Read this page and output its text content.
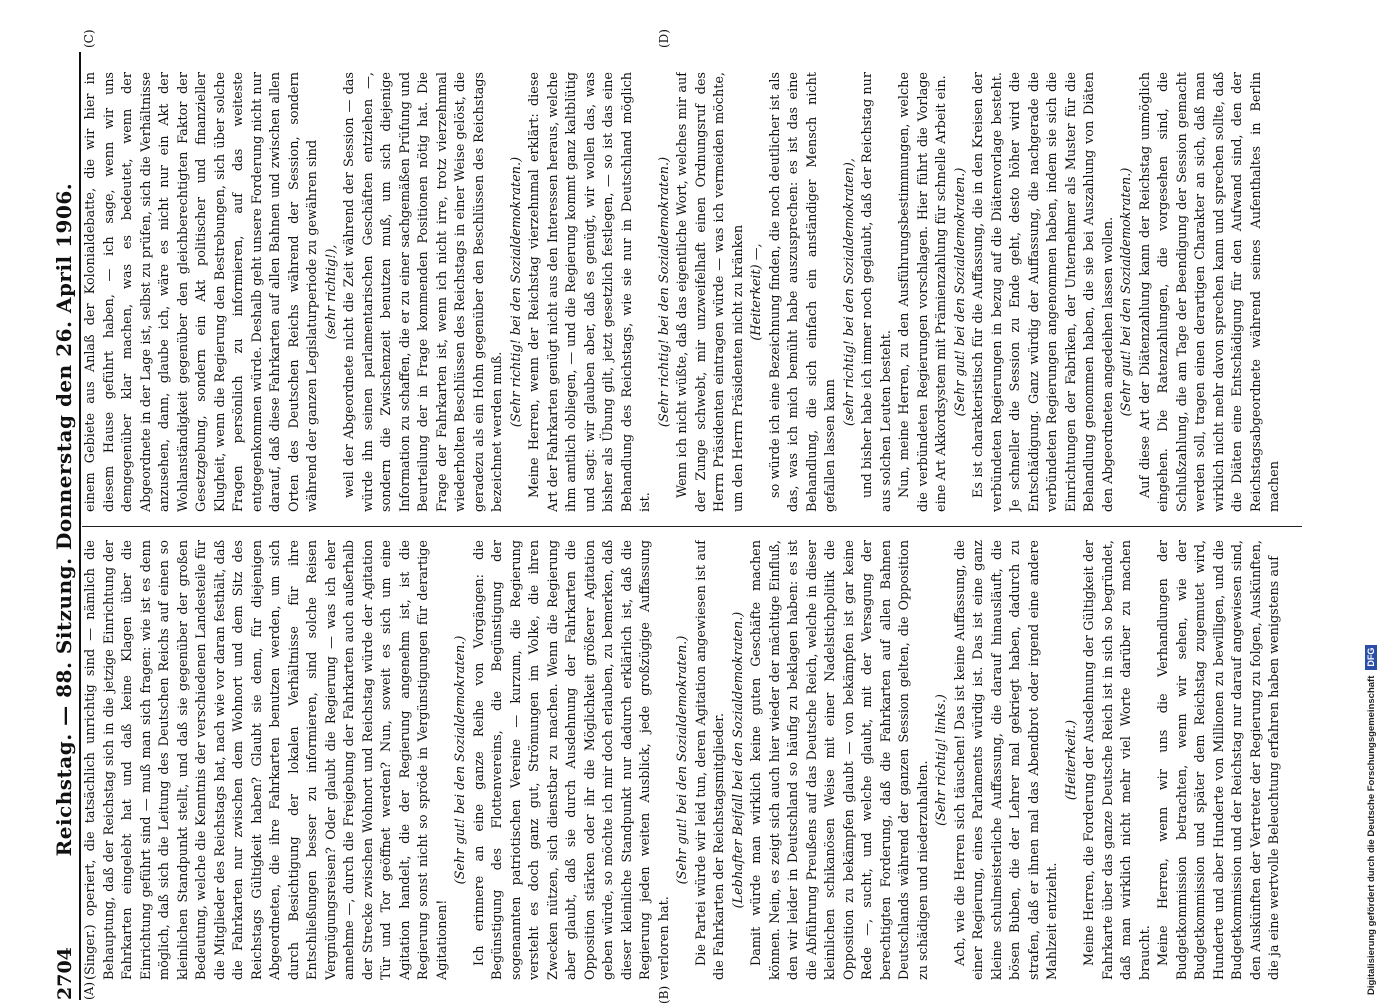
2704
Reichstag. — 88. Sitzung. Donnerstag den 26. April 1906.
(A)	(B)
(C)	(D)

(Singer.) operiert, die tatsächlich unrichtig sind — nämlich die Behauptung, daß der Reichstag sich in die jetzige Einrichtung der Fahrkarten eingelebt hat und daß keine Klagen über die Einrichtung geführt sind — muß man sich fragen: wie ist es denn möglich, daß sich die Leitung des Deutschen Reichs auf einen so kleinlichen Standpunkt stellt, und daß sie gegenüber der großen Bedeutung, welche die Kenntnis der verschiedenen Landesteile für die Mitglieder des Reichstags hat, nach wie vor daran festhält, daß die Fahrkarten nur zwischen dem Wohnort und dem Sitz des Reichstags Gültigkeit haben? Glaubt sie denn, für diejenigen Abgeordneten, die ihre Fahrkarten benutzen werden, um sich durch Besichtigung der lokalen Verhältnisse für ihre Entschließungen besser zu informieren, sind solche Reisen Vergnügungsreisen? Oder glaubt die Regierung — was ich eher annehme —, durch die Freigebung der Fahrkarten auch außerhalb der Strecke zwischen Wohnort und Reichstag würde der Agitation Tür und Tor geöffnet werden? Nun, soweit es sich um eine Agitation handelt, die der Regierung angenehm ist, ist die Regierung sonst nicht so spröde in Vergünstigungen für derartige Agitationen!

(Sehr gut! bei den Sozialdemokraten.) Ich erinnere an eine ganze Reihe von Vorgängen: die Begünstigung des Flottenvereins, die Begünstigung der sogenannten patriotischen Vereine — kurzum, die Regierung versteht es doch ganz gut, Strömungen im Volke, die ihren Zwecken nützen, sich dienstbar zu machen. Wenn die Regierung aber glaubt, daß sie durch Ausdehnung der Fahrkarten die Opposition stärken oder ihr die Möglichkeit größerer Agitation geben würde, so möchte ich mir doch erlauben, zu bemerken, daß dieser kleinliche Standpunkt nur dadurch erklärlich ist, daß die Regierung jeden weiten Ausblick, jede großzügige Auffassung verloren hat.

(Sehr gut! bei den Sozialdemokraten.) Die Partei würde wir leid tun, deren Agitation angewiesen ist auf die Fahrkarten der Reichstagsmitglieder. (Lebhafter Beifall bei den Sozialdemokraten.) Damit würde man wirklich keine guten Geschäfte machen können. Nein, es zeigt sich auch hier wieder der mächtige Einfluß, den wir leider in Deutschland so häufig zu beklagen haben: es ist die Abführung Preußens auf das Deutsche Reich, welche in dieser kleinlichen schikanösen Weise mit einer Nadelstichpolitik die Opposition zu bekämpfen glaubt — von bekämpfen ist gar keine Rede —, sucht, und welche glaubt, mit der Versagung der berechtigten Forderung, daß die Fahrkarten auf allen Bahnen Deutschlands während der ganzen Session gelten, die Opposition zu schädigen und niederzuhalten.

(Sehr richtig! links.) Ach, wie die Herren sich täuschen! Das ist keine Auffassung, die einer Regierung, eines Parlaments würdig ist. Das ist eine ganz kleine schulmeisterliche Auffassung, die darauf hinausläuft, die bösen Buben, die der Lehrer mal gekriegt haben, dadurch zu strafen, daß er ihnen mal das Abendbrot oder irgend eine andere Mahlzeit entzieht.

(Heiterkeit.) Meine Herren, die Forderung der Ausdehnung der Gültigkeit der Fahrkarte über das ganze Deutsche Reich ist in sich so begründet, daß man wirklich nicht mehr viel Worte darüber zu machen braucht. Meine Herren, wenn wir uns die Verhandlungen der Budgetkommission betrachten, wenn wir sehen, wie der Budgetkommission und später dem Reichstag zugemutet wird, Hunderte und aber Hunderte von Millionen zu bewilligen, und die Budgetkommission und der Reichstag nur darauf angewiesen sind, den Auskünften der Vertreter der Regierung zu folgen, Auskünften, die ja eine wertvolle Beleuchtung erfahren haben wenigstens auf

einem Gebiete aus Anlaß der Kolonialdebatte, die wir hier in diesem Hause geführt haben, — ich sage, wenn wir uns demgegenüber klar machen, was es bedeutet, wenn der Abgeordnete in der Lage ist, selbst zu prüfen, sich die Verhältnisse anzusehen, dann, glaube ich, wäre es nicht nur ein Akt der Wohlanständigkeit gegenüber den gleichberechtigten Faktor der Gesetzgebung, sondern ein Akt politischer und finanzieller Klugheit, wenn die Regierung den Bestrebungen, sich über solche Fragen persönlich zu informieren, auf das weiteste entgegenkommen würde. Deshalb geht unsere Forderung nicht nur darauf, daß diese Fahrkarten auf allen Bahnen und zwischen allen Orten des Deutschen Reichs während der Session, sondern während der ganzen Legislaturperiode zu gewähren sind (sehr richtig!), weil der Abgeordnete nicht die Zeit während der Session — das würde ihn seinen parlamentarischen Geschäften entziehen —, sondern die Zwischenzeit benutzen muß, um sich diejenige Information zu schaffen, die er zu einer sachgemäßen Prüfung und Beurteilung der in Frage kommenden Positionen nötig hat. Die Frage der Fahrkarten ist, wenn ich nicht irre, trotz vierzehnmal wiederholten Beschlüssen des Reichstags in einer Weise gelöst, die geradezu als ein Hohn gegenüber den Beschlüssen des Reichstags bezeichnet werden muß.

(Sehr richtig! bei den Sozialdemokraten.) Meine Herren, wenn der Reichstag vierzehnmal erklärt: diese Art der Fahrkarten genügt nicht aus den Interessen heraus, welche ihm amtlich obliegen, — und die Regierung kommt ganz kaltblütig und sagt: wir glauben aber, daß es genügt, wir wollen das, was bisher als Übung gilt, jetzt gesetzlich festlegen, — so ist das eine Behandlung des Reichstags, wie sie nur in Deutschland möglich ist.

(Sehr richtig! bei den Sozialdemokraten.) Wenn ich nicht wüßte, daß das eigentliche Wort, welches mir auf der Zunge schwebt, mir unzweifelhaft einen Ordnungsruf des Herrn Präsidenten eintragen würde — was ich vermeiden möchte, um den Herrn Präsidenten nicht zu kränken (Heiterkeit) —, so würde ich eine Bezeichnung finden, die noch deutlicher ist als das, was ich mich bemüht habe auszusprechen: es ist das eine Behandlung, die sich einfach ein anständiger Mensch nicht gefallen lassen kann

(sehr richtig! bei den Sozialdemokraten), und bisher habe ich immer noch geglaubt, daß der Reichstag nur aus solchen Leuten besteht. Nun, meine Herren, zu den Ausführungsbestimmungen, welche die verbündeten Regierungen vorschlagen. Hier führt die Vorlage eine Art Akkordsystem mit Prämienzahlung für schnelle Arbeit ein. (Sehr gut! bei den Sozialdemokraten.) Es ist charakteristisch für die Auffassung, die in den Kreisen der verbündeten Regierungen in bezug auf die Diätenvorlage besteht. Je schneller die Session zu Ende geht, desto höher wird die Entschädigung. Ganz würdig der Auffassung, die nachgerade die verbündeten Regierungen angenommen haben, indem sie sich die Einrichtungen der Fabriken, der Unternehmer als Muster für die Behandlung genommen haben, die sie bei Auszahlung von Diäten den Abgeordneten angedeihen lassen wollen. (Sehr gut! bei den Sozialdemokraten.) Auf diese Art der Diätenzahlung kann der Reichstag unmöglich eingehen. Die Ratenzahlungen, die vorgesehen sind, die Schlußzahlung, die am Tage der Beendigung der Session gemacht werden soll, tragen einen derartigen Charakter an sich, daß man wirklich nicht mehr davon sprechen kann und sprechen sollte, daß die Diäten eine Entschädigung für den Aufwand sind, den der Reichstagsabgeordnete während seines Aufenthaltes in Berlin machen

Digitalisierung gefördert durch die Deutsche Forschungsgemeinschaft
DFG
